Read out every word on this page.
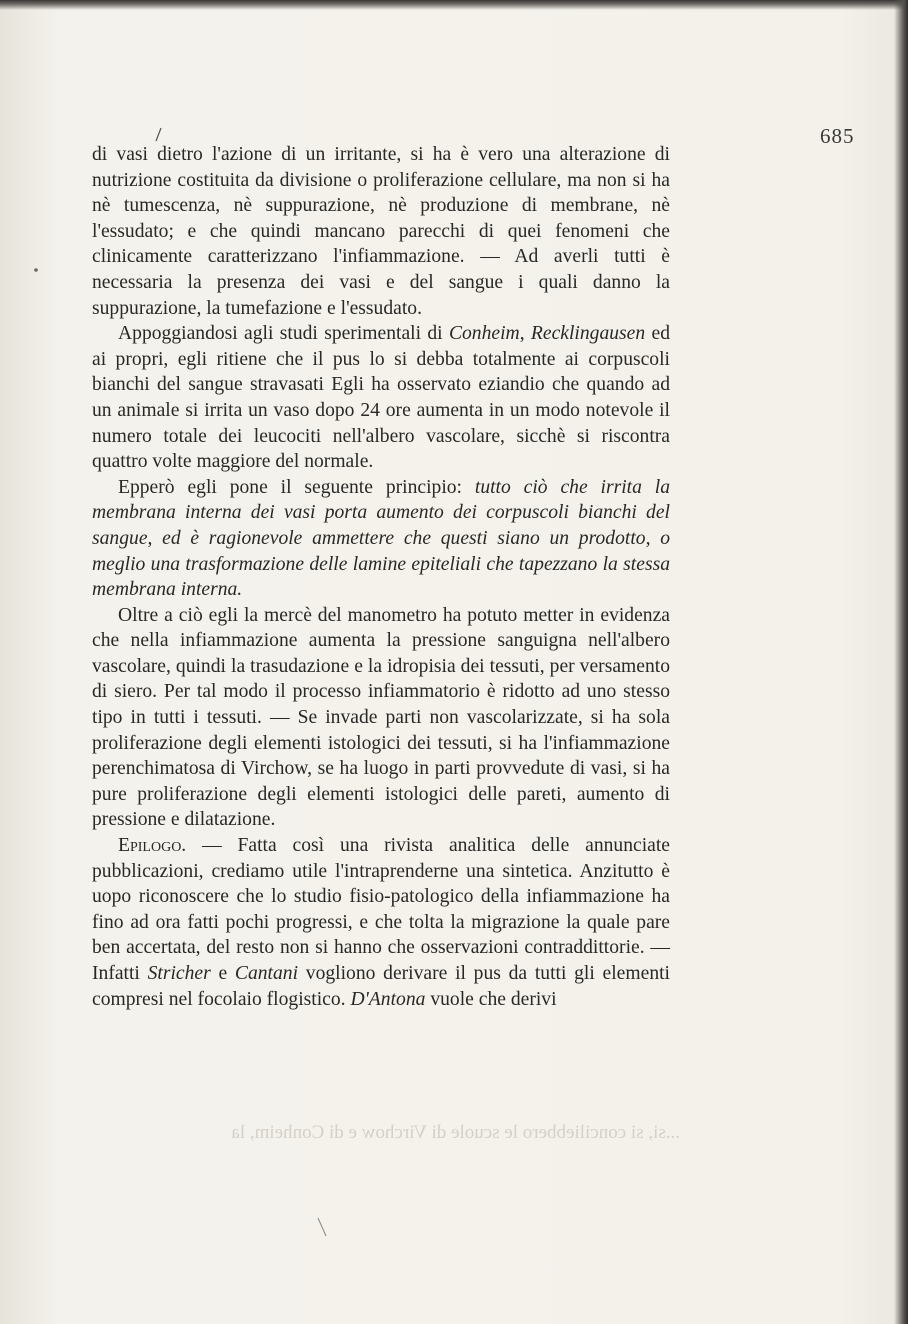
685

di vasi dietro l'azione di un irritante, si ha è vero una alterazione di nutrizione costituita da divisione o proliferazione cellulare, ma non si ha nè tumescenza, nè suppurazione, nè produzione di membrane, nè l'essudato; e che quindi mancano parecchi di quei fenomeni che clinicamente caratterizzano l'infiammazione. — Ad averli tutti è necessaria la presenza dei vasi e del sangue i quali danno la suppurazione, la tumefazione e l'essudato.

Appoggiandosi agli studi sperimentali di Conheim, Recklingausen ed ai propri, egli ritiene che il pus lo si debba totalmente ai corpuscoli bianchi del sangue stravasati Egli ha osservato eziandio che quando ad un animale si irrita un vaso dopo 24 ore aumenta in un modo notevole il numero totale dei leucociti nell'albero vascolare, sicchè si riscontra quattro volte maggiore del normale.

Epperò egli pone il seguente principio: tutto ciò che irrita la membrana interna dei vasi porta aumento dei corpuscoli bianchi del sangue, ed è ragionevole ammettere che questi siano un prodotto, o meglio una trasformazione delle lamine epiteliali che tapezzano la stessa membrana interna.

Oltre a ciò egli la mercè del manometro ha potuto metter in evidenza che nella infiammazione aumenta la pressione sanguigna nell'albero vascolare, quindi la trasudazione e la idropisia dei tessuti, per versamento di siero. Per tal modo il processo infiammatorio è ridotto ad uno stesso tipo in tutti i tessuti. — Se invade parti non vascolarizzate, si ha sola proliferazione degli elementi istologici dei tessuti, si ha l'infiammazione perenchimatosa di Virchow, se ha luogo in parti provvedute di vasi, si ha pure proliferazione degli elementi istologici delle pareti, aumento di pressione e dilatazione.

Epilogo. — Fatta così una rivista analitica delle annunciate pubblicazioni, crediamo utile l'intraprenderne una sintetica. Anzitutto è uopo riconoscere che lo studio fisio-patologico della infiammazione ha fino ad ora fatti pochi progressi, e che tolta la migrazione la quale pare ben accertata, del resto non si hanno che osservazioni contraddittorie. — Infatti Stricher e Cantani vogliono derivare il pus da tutti gli elementi compresi nel focolaio flogistico. D'Antona vuole che derivi

...si, si conciliebbero le scuole di Virchow e di Conheim, la
